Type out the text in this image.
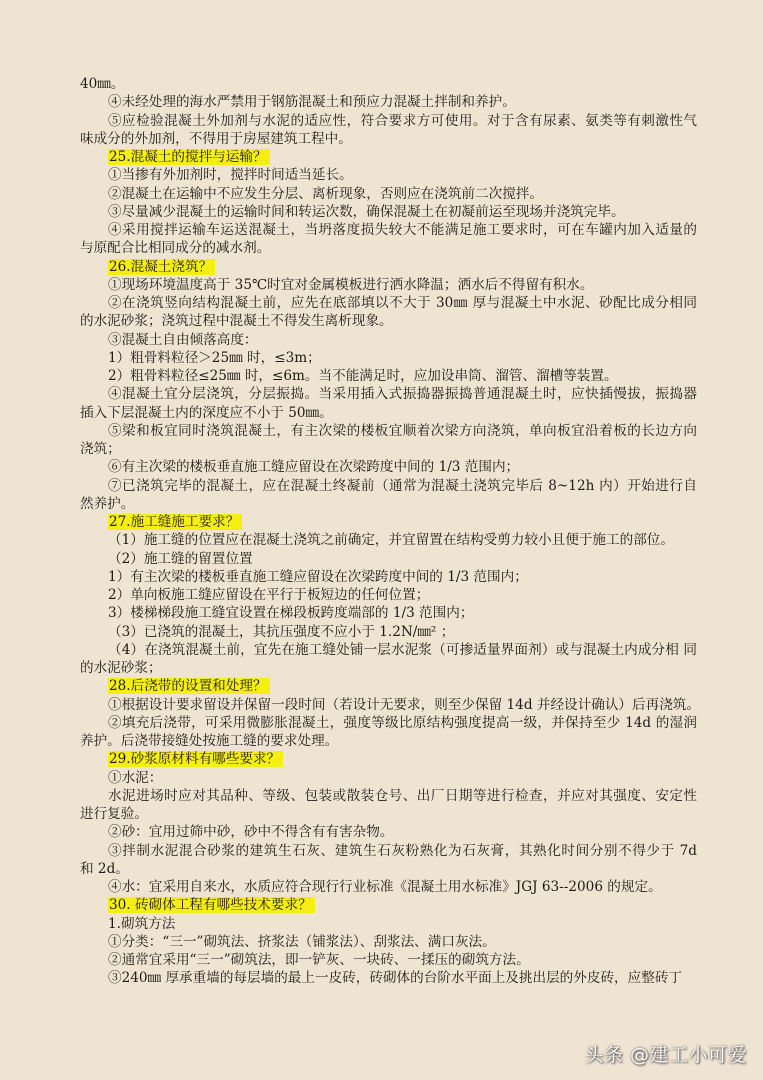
40㎜。
④未经处理的海水严禁用于钢筋混凝土和预应力混凝土拌制和养护。
⑤应检验混凝土外加剂与水泥的适应性，符合要求方可使用。对于含有尿素、氨类等有刺激性气
味成分的外加剂，不得用于房屋建筑工程中。
25.混凝土的搅拌与运输？
①当掺有外加剂时，搅拌时间适当延长。
②混凝土在运输中不应发生分层、离析现象，否则应在浇筑前二次搅拌。
③尽量减少混凝土的运输时间和转运次数，确保混凝土在初凝前运至现场并浇筑完毕。
④采用搅拌运输车运送混凝土，当坍落度损失较大不能满足施工要求时，可在车罐内加入适量的
与原配合比相同成分的减水剂。
26.混凝土浇筑？
①现场环境温度高于 35℃时宜对金属模板进行洒水降温；洒水后不得留有积水。
②在浇筑竖向结构混凝土前，应先在底部填以不大于 30㎜ 厚与混凝土中水泥、砂配比成分相同
的水泥砂浆；浇筑过程中混凝土不得发生离析现象。
③混凝土自由倾落高度：
1）粗骨料粒径＞25㎜ 时，≤3m；
2）粗骨料粒径≤25㎜ 时，≤6m。当不能满足时，应加设串筒、溜管、溜槽等装置。
④混凝土宜分层浇筑，分层振捣。当采用插入式振捣器振捣普通混凝土时，应快插慢拔，振捣器
插入下层混凝土内的深度应不小于 50㎜。
⑤梁和板宜同时浇筑混凝土，有主次梁的楼板宜顺着次梁方向浇筑，单向板宜沿着板的长边方向
浇筑；
⑥有主次梁的楼板垂直施工缝应留设在次梁跨度中间的 1/3 范围内；
⑦已浇筑完毕的混凝土，应在混凝土终凝前（通常为混凝土浇筑完毕后 8~12h 内）开始进行自
然养护。
27.施工缝施工要求？
（1）施工缝的位置应在混凝土浇筑之前确定，并宜留置在结构受剪力较小且便于施工的部位。
（2）施工缝的留置位置
1）有主次梁的楼板垂直施工缝应留设在次梁跨度中间的 1/3 范围内；
2）单向板施工缝应留设在平行于板短边的任何位置；
3）楼梯梯段施工缝宜设置在梯段板跨度端部的 1/3 范围内；
（3）已浇筑的混凝土，其抗压强度不应小于 1.2N/㎜² ；
（4）在浇筑混凝土前，宜先在施工缝处铺一层水泥浆（可掺适量界面剂）或与混凝土内成分相 同
的水泥砂浆；
28.后浇带的设置和处理？
①根据设计要求留设并保留一段时间（若设计无要求，则至少保留 14d 并经设计确认）后再浇筑。
②填充后浇带，可采用微膨胀混凝土，强度等级比原结构强度提高一级，并保持至少 14d 的湿润
养护。后浇带接缝处按施工缝的要求处理。
29.砂浆原材料有哪些要求？
①水泥：
水泥进场时应对其品种、等级、包装或散装仓号、出厂日期等进行检查，并应对其强度、安定性
进行复验。
②砂：宜用过筛中砂，砂中不得含有有害杂物。
③拌制水泥混合砂浆的建筑生石灰、建筑生石灰粉熟化为石灰膏，其熟化时间分别不得少于 7d
和 2d。
④水：宜采用自来水，水质应符合现行行业标准《混凝土用水标准》JGJ 63--2006 的规定。
30. 砖砌体工程有哪些技术要求？
1.砌筑方法
①分类：“三一”砌筑法、挤浆法（铺浆法）、刮浆法、满口灰法。
②通常宜采用“三一”砌筑法，即一铲灰、一块砖、一揉压的砌筑方法。
③240㎜ 厚承重墙的每层墙的最上一皮砖，砖砌体的台阶水平面上及挑出层的外皮砖，应整砖丁
头条 @建工小可爱
